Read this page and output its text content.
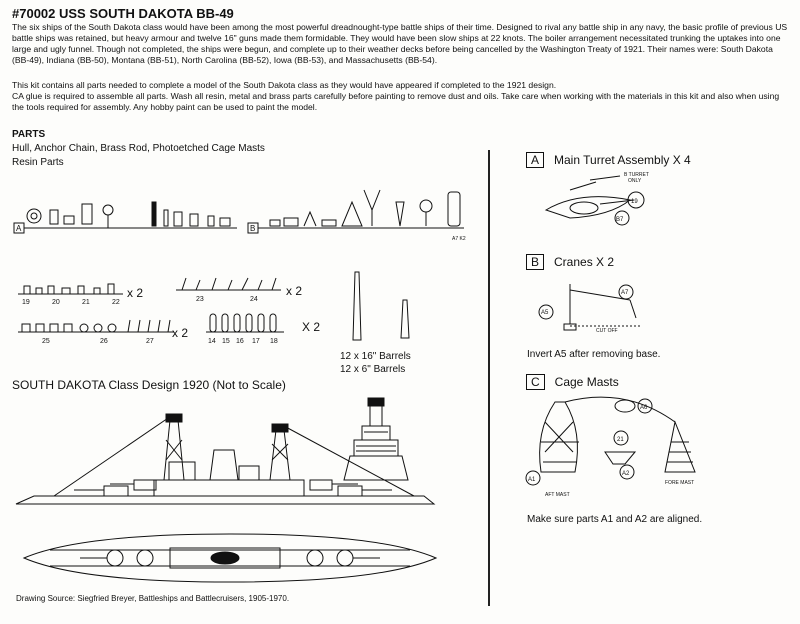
#70002 USS SOUTH DAKOTA BB-49

The six ships of the South Dakota class would have been among the most powerful dreadnought-type battle ships of their time. Designed to rival any battle ship in any navy, the basic profile of previous US battle ships was retained, but heavy armour and twelve 16" guns made them formidable. They would have been slow ships at 22 knots. The boiler arrangement necessitated trunking the uptakes into one large and ugly funnel. Though not completed, the ships were begun, and complete up to their weather decks before being cancelled by the Washington Treaty of 1921. Their names were: South Dakota (BB-49), Indiana (BB-50), Montana (BB-51), North Carolina (BB-52), Iowa (BB-53), and Massachusetts (BB-54).

This kit contains all parts needed to complete a model of the South Dakota class as they would have appeared if completed to the 1921 design.

CA glue is required to assemble all parts. Wash all resin, metal and brass parts carefully before painting to remove dust and oils. Take care when working with the materials in this kit and also when using the tools required for assembly. Any hobby paint can be used to paint the model.

PARTS
Hull, Anchor Chain, Brass Rod, Photoetched Cage Masts
Resin Parts
A	B
A7 K2
19	20	21	22
x 2	23	24
x 2
25	26	27
x 2
14 15 16 17 18
X 2
12 x 16" Barrels
12 x 6" Barrels
SOUTH DAKOTA Class Design 1920 (Not to Scale)
Drawing Source: Siegfried Breyer, Battleships and Battlecruisers, 1905-1970.
A	Main Turret Assembly X 4
19
B7
B TURRET
ONLY
B	Cranes X 2
A5
A7
CUT OFF
Invert A5 after removing base.
C	Cage Masts
A6
21
A1
A2
AFT MAST
FORE MAST
Make sure parts A1 and A2 are aligned.
